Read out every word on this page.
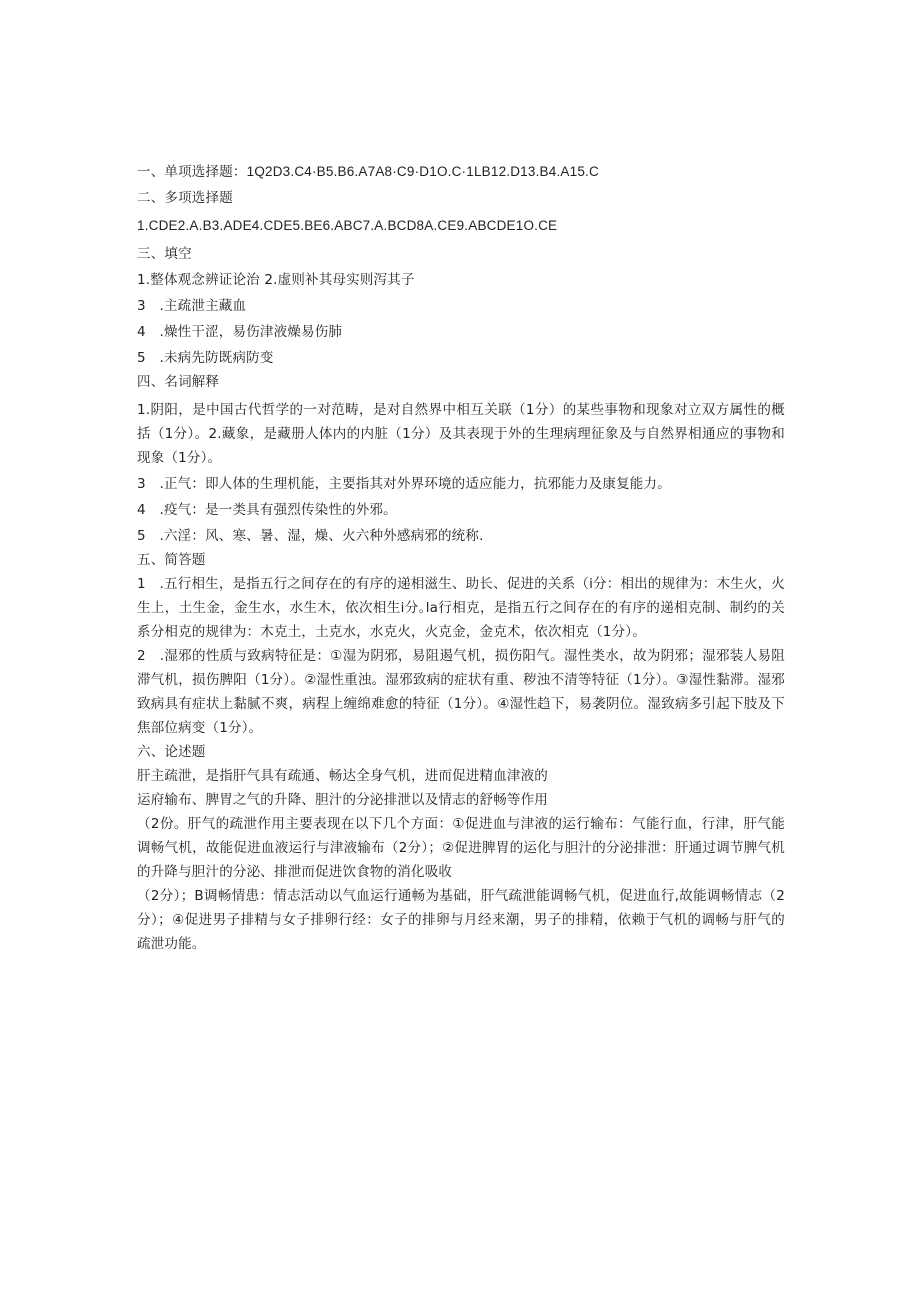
一、单项选择题：1Q2D3.C4·B5.B6.A7A8·C9·D1O.C·1LB12.D13.B4.A15.C

二、多项选择题

1.CDE2.A.B3.ADE4.CDE5.BE6.ABC7.A.BCD8A.CE9.ABCDE1O.CE

三、填空

1.整体观念辨证论治 2.虚则补其母实则泻其子

3　.主疏泄主藏血

4　.燥性干涩，易伤津液燥易伤肺

5　.未病先防既病防变

四、名词解释

1.阴阳，是中国古代哲学的一对范畴，是对自然界中相互关联（1分）的某些事物和现象对立双方属性的概括（1分）。2.藏象，是藏册人体内的内脏（1分）及其表现于外的生理病理征象及与自然界相通应的事物和现象（1分）。

3　.正气：即人体的生理机能，主要指其对外界环境的适应能力，抗邪能力及康复能力。

4　.疫气：是一类具有强烈传染性的外邪。

5　.六淫：风、寒、暑、湿，燥、火六种外感病邪的统称.

五、简答题

1　.五行相生，是指五行之间存在的有序的递相滋生、助长、促进的关系（i分：相出的规律为：木生火，火生上，土生金，金生水，水生木，依次相生i分｡la行相克，是指五行之间存在的有序的递相克制、制约的关系分相克的规律为：木克土，土克水，水克火，火克金，金克术，依次相克（1分）。

2　.湿邪的性质与致病特征是：①湿为阴邪，易阻遏气机，损伤阳气。湿性类水，故为阴邪；湿邪装人易阻滞气机，损伤脾阳（1分）。②湿性重浊。湿邪致病的症状有重、秽浊不清等特征（1分）。③湿性黏滞。湿邪致病具有症状上黏腻不爽，病程上缠绵难愈的特征（1分）。④湿性趋下，易袭阴位。湿致病多引起下肢及下焦部位病变（1分）。

六、论述题

肝主疏泄，是指肝气具有疏通、畅达全身气机，进而促进精血津液的

运府输布、脾胃之气的升降、胆汁的分泌排泄以及情志的舒畅等作用

（2份。肝气的疏泄作用主要表现在以下几个方面：①促进血与津液的运行输布：气能行血，行津，肝气能调畅气机，故能促进血液运行与津液输布（2分）；②促进脾胃的运化与胆汁的分泌排泄：肝通过调节脾气机的升降与胆汁的分泌、排泄而促进饮食物的消化吸收

（2分）；B调畅情患：情志活动以气血运行通畅为基础，肝气疏泄能调畅气机，促进血行,故能调畅情志（2分）；④促进男子排精与女子排卵行经：女子的排卵与月经来潮，男子的排精，依赖于气机的调畅与肝气的疏泄功能。
